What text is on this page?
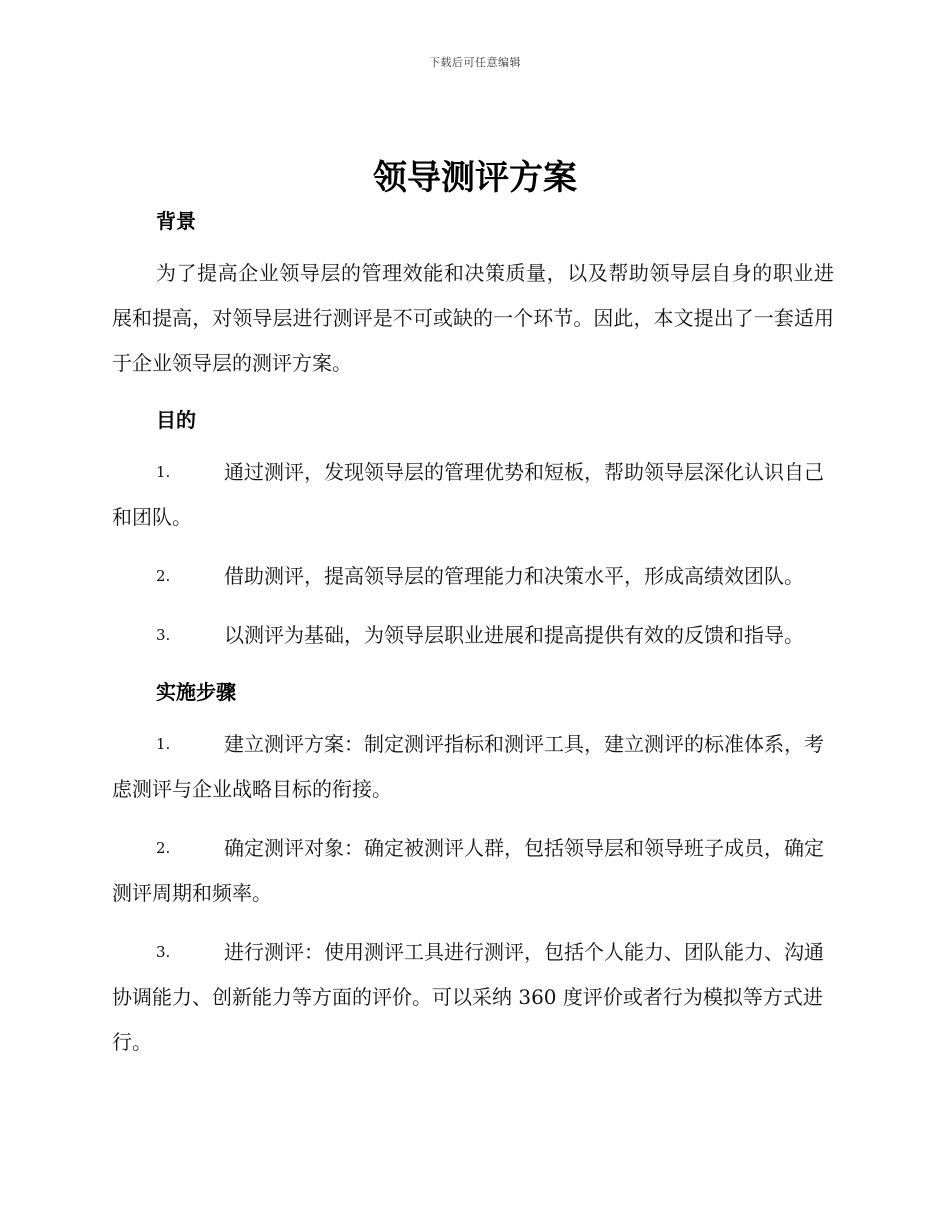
下载后可任意编辑
领导测评方案
背景

为了提高企业领导层的管理效能和决策质量，以及帮助领导层自身的职业进展和提高，对领导层进行测评是不可或缺的一个环节。因此，本文提出了一套适用于企业领导层的测评方案。

目的
1.	通过测评，发现领导层的管理优势和短板，帮助领导层深化认识自己和团队。
2.	借助测评，提高领导层的管理能力和决策水平，形成高绩效团队。
3.	以测评为基础，为领导层职业进展和提高提供有效的反馈和指导。
实施步骤
1.	建立测评方案：制定测评指标和测评工具，建立测评的标准体系，考虑测评与企业战略目标的衔接。
2.	确定测评对象：确定被测评人群，包括领导层和领导班子成员，确定测评周期和频率。
3.	进行测评：使用测评工具进行测评，包括个人能力、团队能力、沟通协调能力、创新能力等方面的评价。可以采纳 360 度评价或者行为模拟等方式进行。
